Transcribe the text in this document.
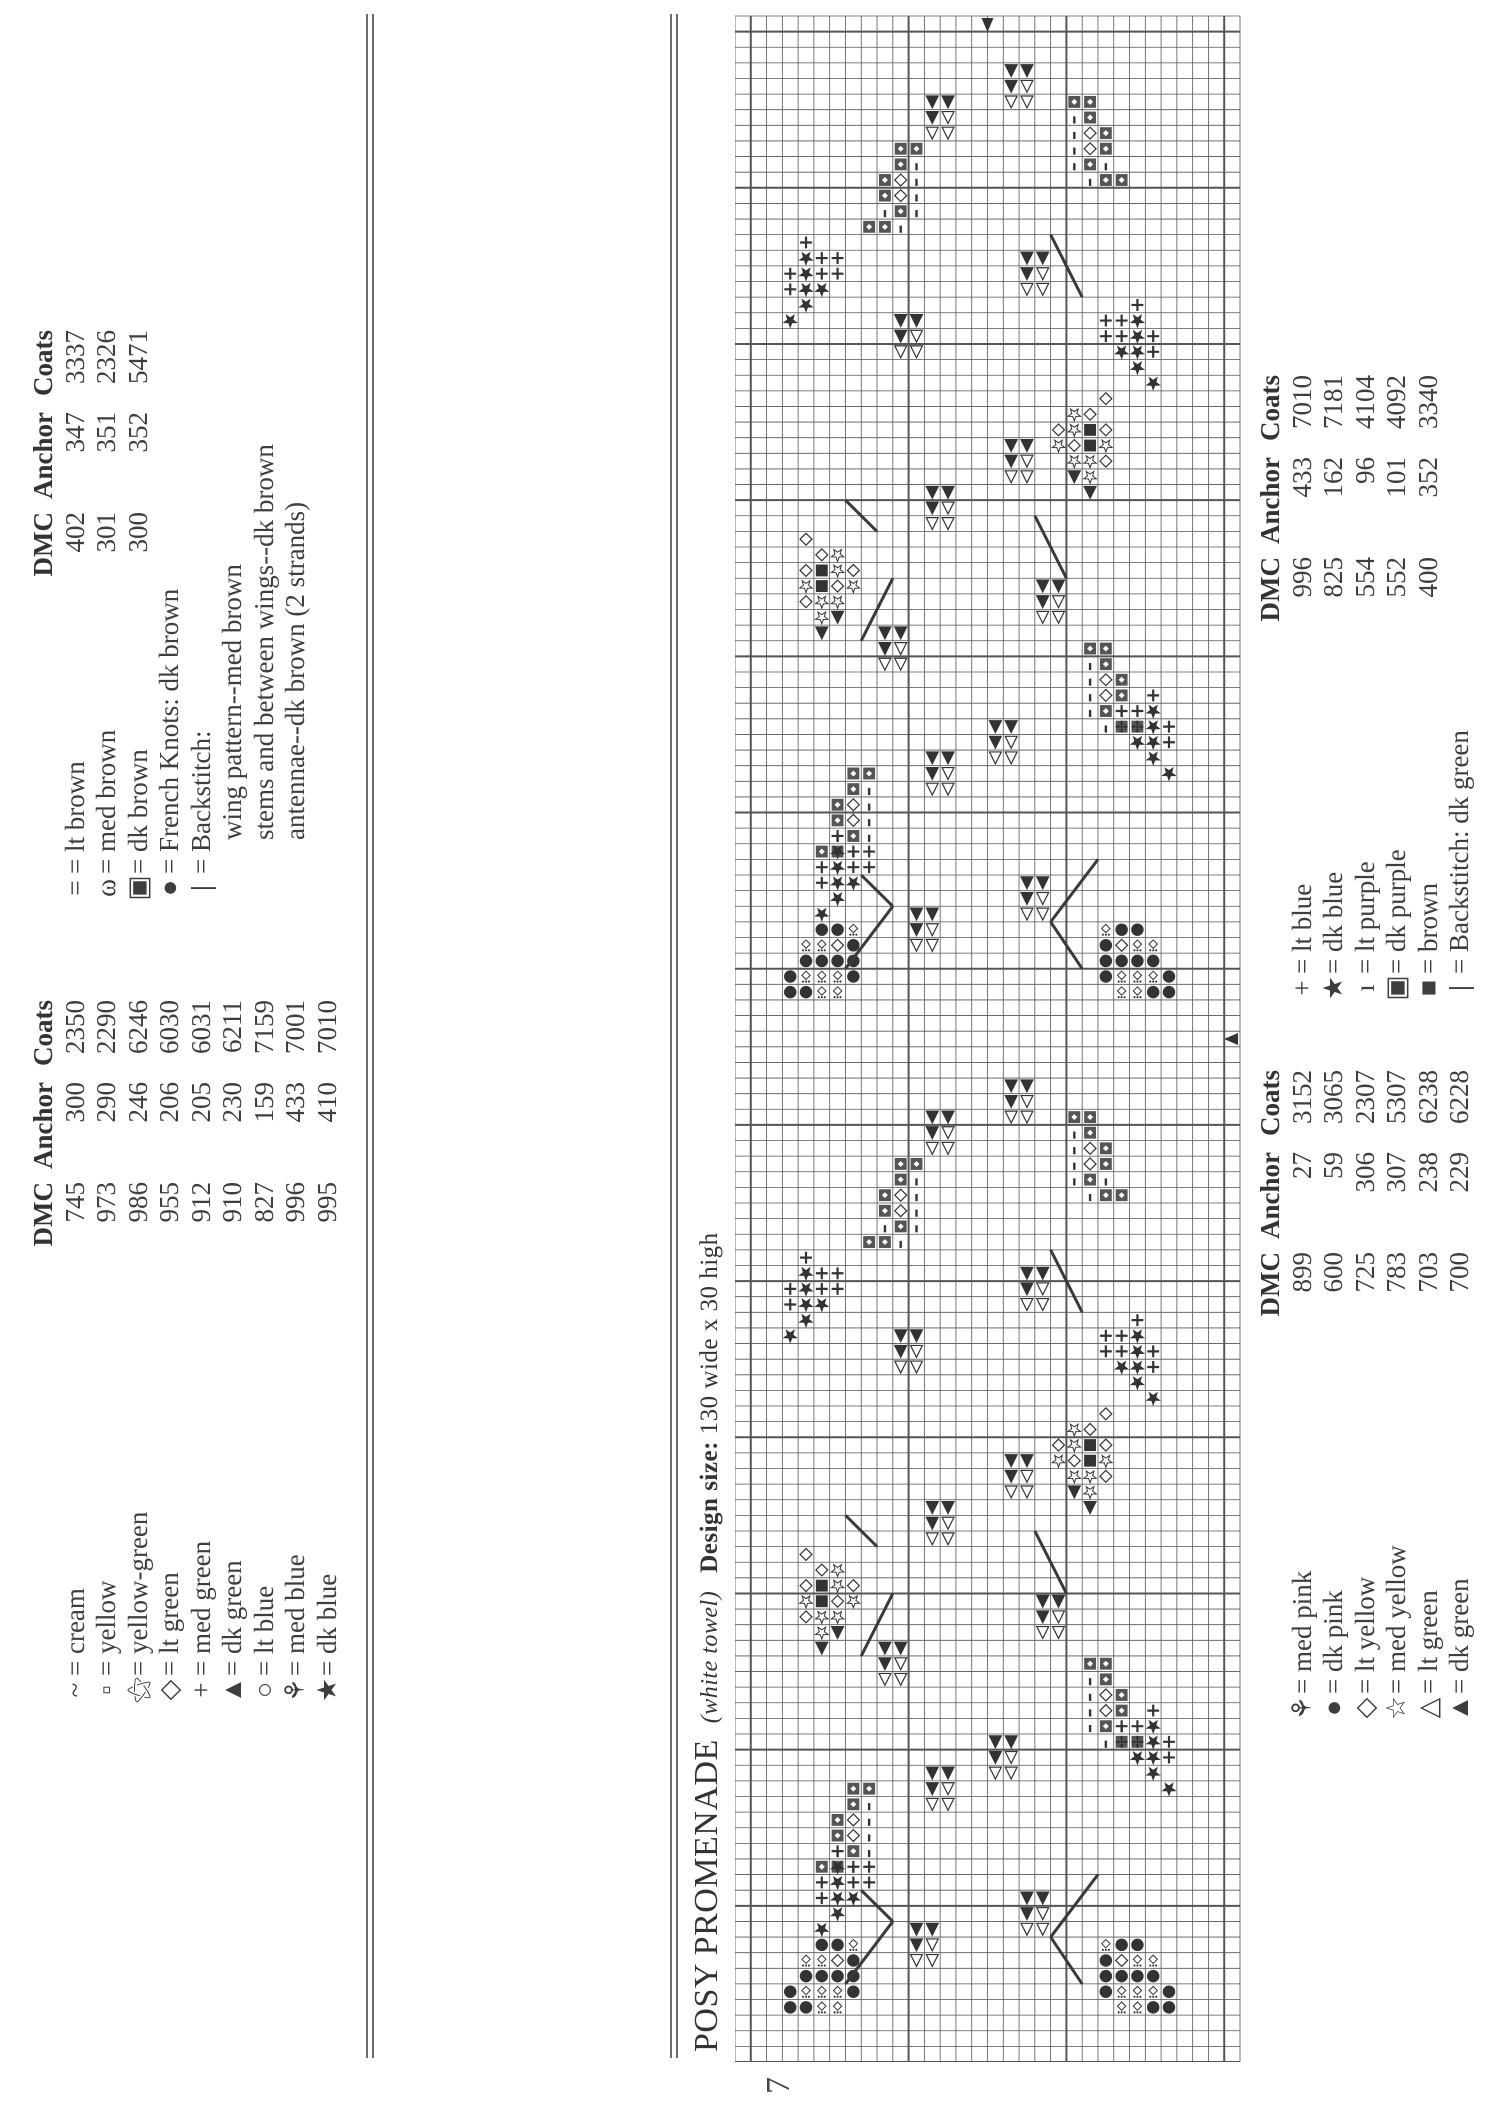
DMC
Anchor
Coats
~
= cream
745
300
2350
▫
= yellow
973
290
2290
⚝
= yellow-green
986
246
6246
◇
= lt green
955
206
6030
+
= med green
912
205
6031
▲
= dk green
910
230
6211
○
= lt blue
827
159
7159
⚘
= med blue
996
433
7001
★
= dk blue
995
410
7010
DMC
Anchor
Coats
=
= lt brown
402
347
3337
ω
= med brown
301
351
2326
▣
= dk brown
300
352
5471
●
= French Knots: dk brown
|
= Backstitch: wing pattern--med brown stems and between wings--dk brown antennae--dk brown (2 strands)
POSY PROMENADE(white towel)Design size: 130 wide x 30 high	DMC
Anchor
Coats
⚘
= med pink
899
27
3152
●
= dk pink
600
59
3065
◇
= lt yellow
725
306
2307
☆
= med yellow
783
307
5307
△
= lt green
703
238
6238
▲
= dk green
700
229
6228
DMC
Anchor
Coats
+
= lt blue
996
433
7010
★
= dk blue
825
162
7181
ı
= lt purple
554
96
4104
▣
= dk purple
552
101
4092
■
= brown
400
352
3340
|
= Backstitch: dk green
7
